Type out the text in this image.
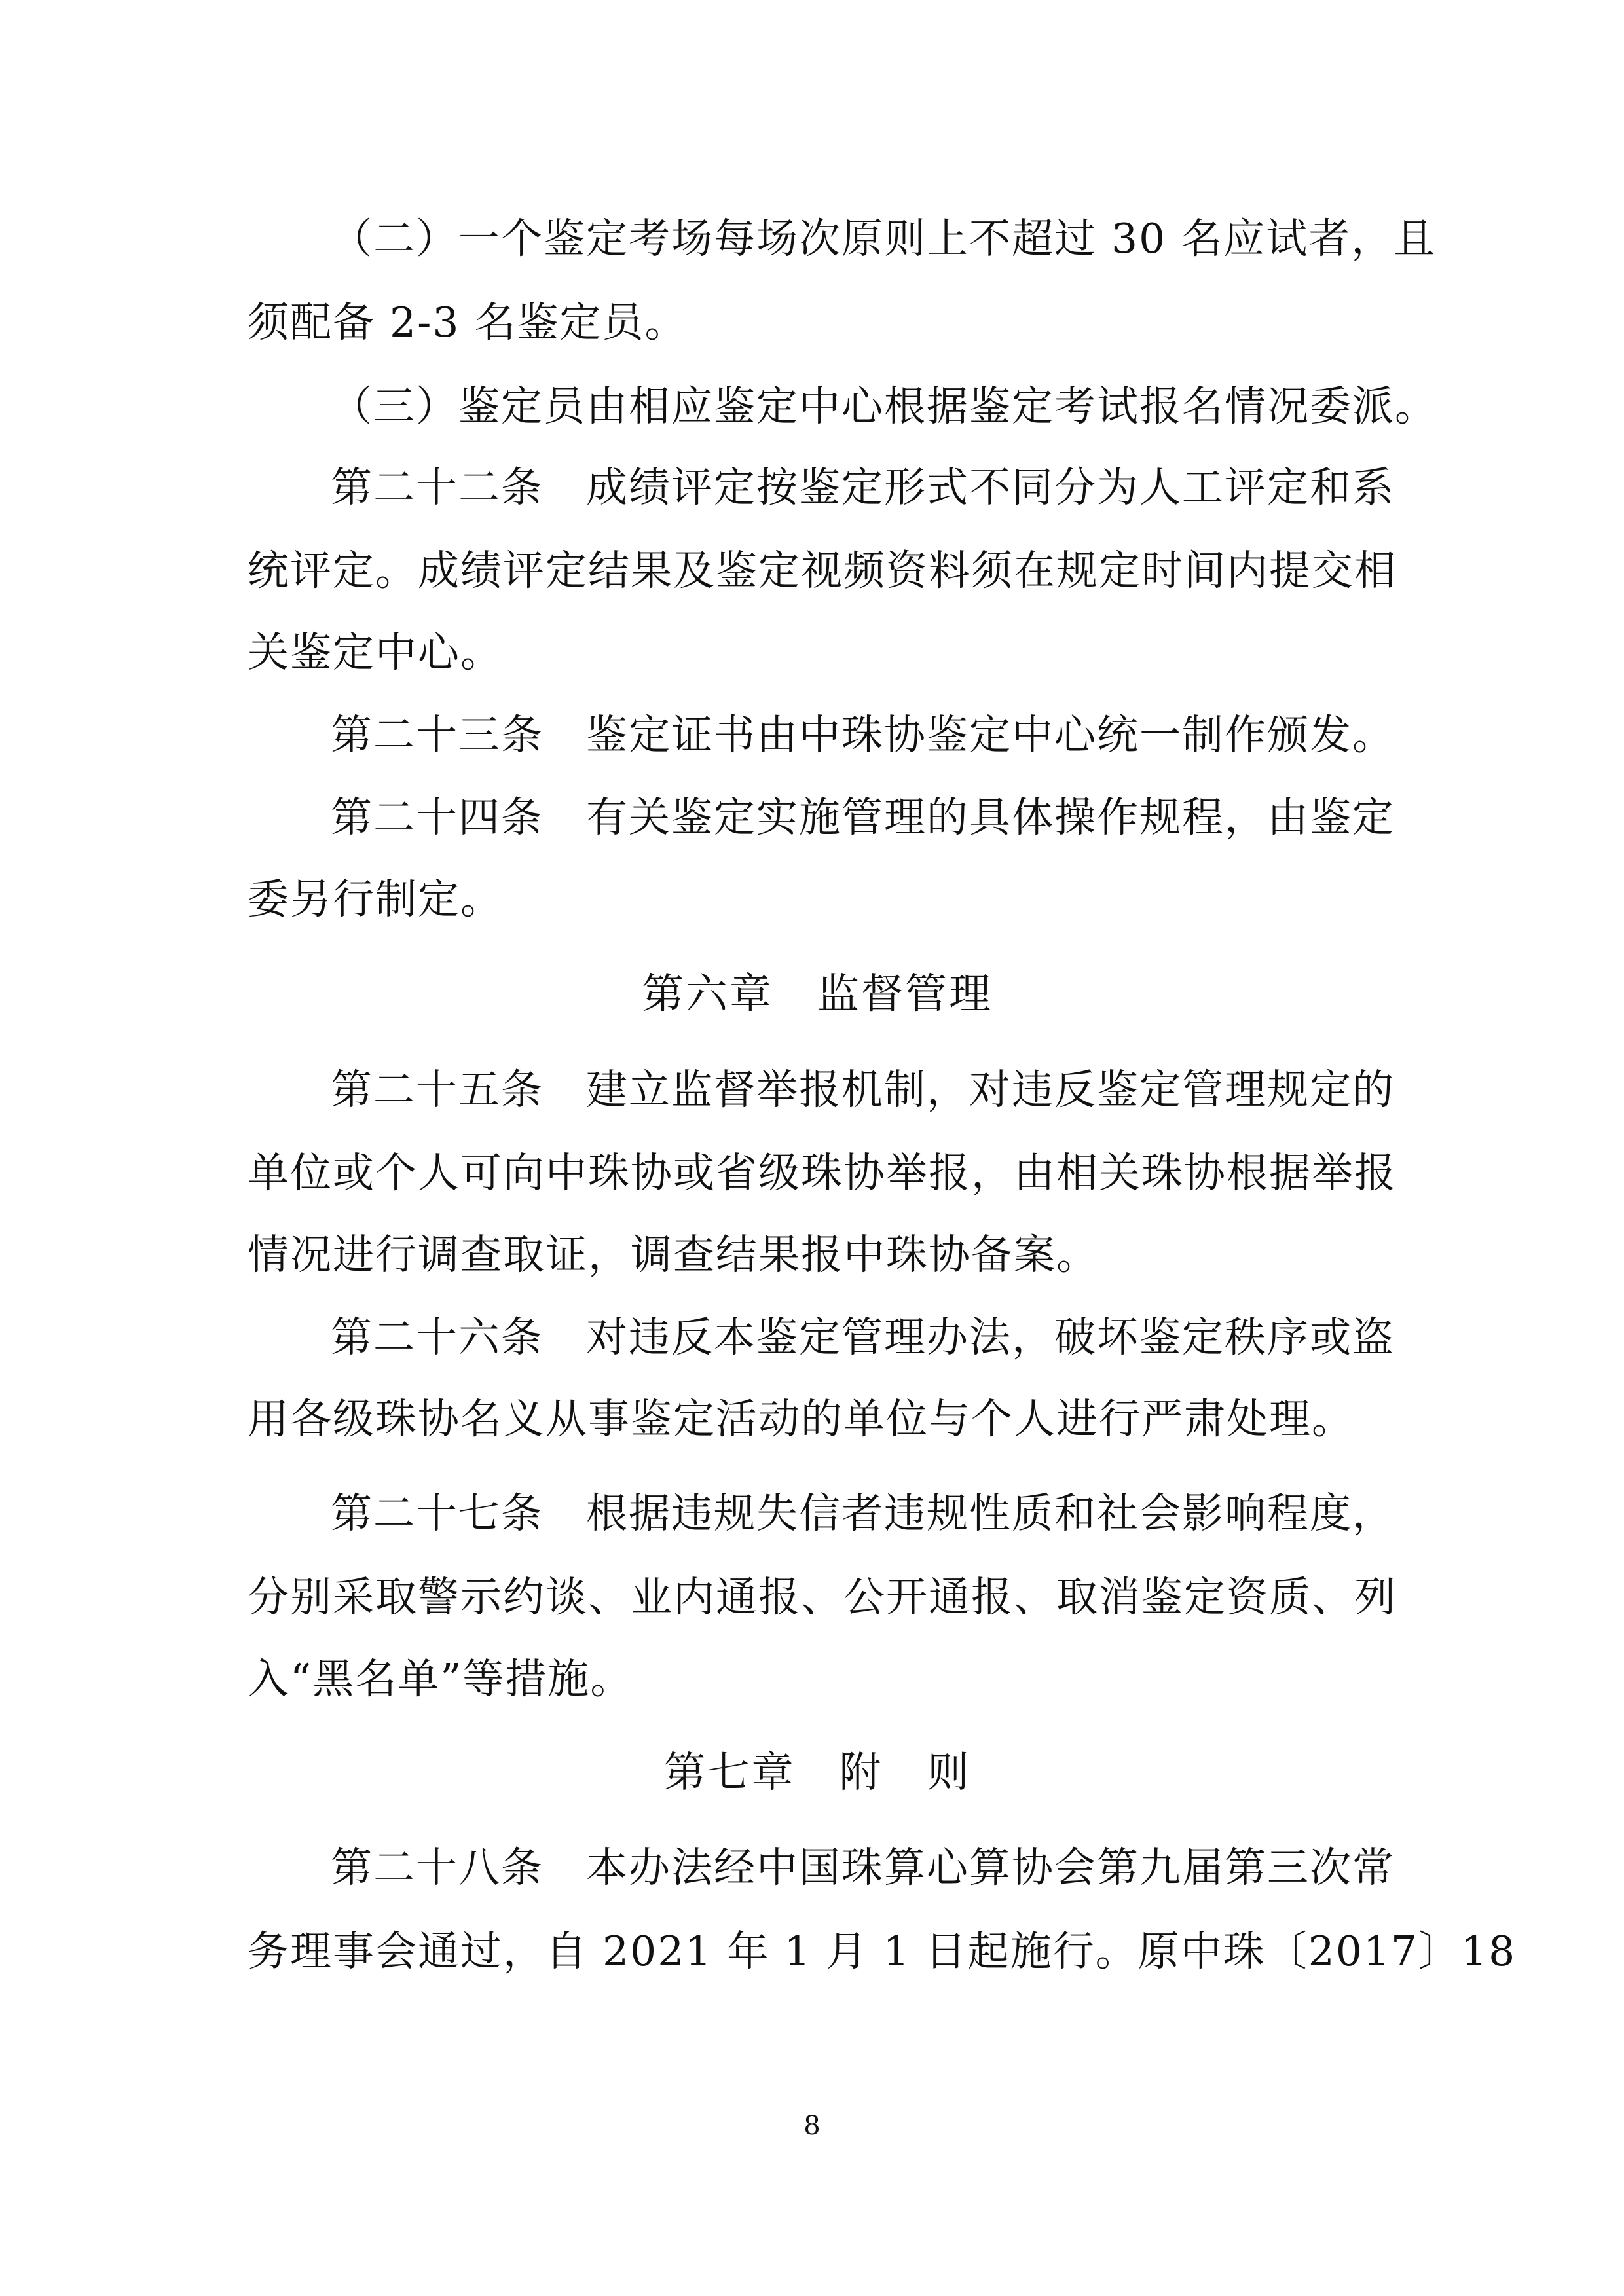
（二）一个鉴定考场每场次原则上不超过 30 名应试者，且
须配备 2-3 名鉴定员。
（三）鉴定员由相应鉴定中心根据鉴定考试报名情况委派。
第二十二条　成绩评定按鉴定形式不同分为人工评定和系
统评定。成绩评定结果及鉴定视频资料须在规定时间内提交相
关鉴定中心。
第二十三条　鉴定证书由中珠协鉴定中心统一制作颁发。
第二十四条　有关鉴定实施管理的具体操作规程，由鉴定
委另行制定。
第六章　监督管理
第二十五条　建立监督举报机制，对违反鉴定管理规定的
单位或个人可向中珠协或省级珠协举报，由相关珠协根据举报
情况进行调查取证，调查结果报中珠协备案。
第二十六条　对违反本鉴定管理办法，破坏鉴定秩序或盗
用各级珠协名义从事鉴定活动的单位与个人进行严肃处理。
第二十七条　根据违规失信者违规性质和社会影响程度，
分别采取警示约谈、业内通报、公开通报、取消鉴定资质、列
入“黑名单”等措施。
第七章　附　则
第二十八条　本办法经中国珠算心算协会第九届第三次常
务理事会通过，自 2021 年 1 月 1 日起施行。原中珠〔2017〕18
8
